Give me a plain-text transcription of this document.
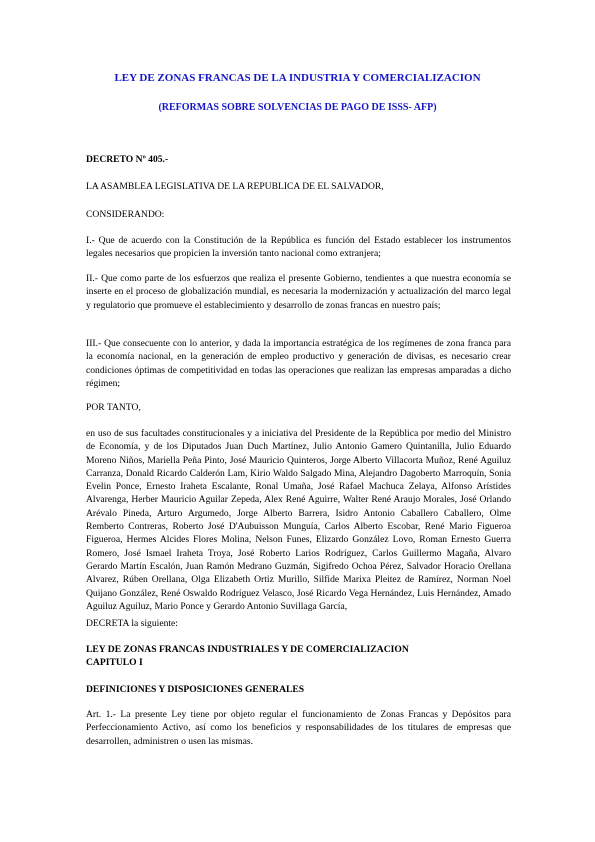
LEY DE ZONAS FRANCAS DE LA INDUSTRIA Y COMERCIALIZACION
(REFORMAS SOBRE SOLVENCIAS DE PAGO DE ISSS- AFP)

DECRETO Nº 405.-

LA ASAMBLEA LEGISLATIVA DE LA REPUBLICA DE EL SALVADOR,

CONSIDERANDO:

I.- Que de acuerdo con la Constitución de la República es función del Estado establecer los instrumentos legales necesarios que propicien la inversión tanto nacional como extranjera;

II.- Que como parte de los esfuerzos que realiza el presente Gobierno, tendientes a que nuestra economía se inserte en el proceso de globalización mundial, es necesaria la modernización y actualización del marco legal y regulatorio que promueve el establecimiento y desarrollo de zonas francas en nuestro país;

III.- Que consecuente con lo anterior, y dada la importancia estratégica de los regímenes de zona franca para la economía nacional, en la generación de empleo productivo y generación de divisas, es necesario crear condiciones óptimas de competitividad en todas las operaciones que realizan las empresas amparadas a dicho régimen;

POR TANTO,

en uso de sus facultades constitucionales y a iniciativa del Presidente de la República por medio del Ministro de Economía, y de los Diputados Juan Duch Martínez, Julio Antonio Gamero Quintanilla, Julio Eduardo Moreno Niños, Mariella Peña Pinto, José Mauricio Quinteros, Jorge Alberto Villacorta Muñoz, René Aguiluz Carranza, Donald Ricardo Calderón Lam, Kirio Waldo Salgado Mina, Alejandro Dagoberto Marroquín, Sonia Evelin Ponce, Ernesto Iraheta Escalante, Ronal Umaña, José Rafael Machuca Zelaya, Alfonso Arístides Alvarenga, Herber Mauricio Aguilar Zepeda, Alex René Aguirre, Walter René Araujo Morales, José Orlando Arévalo Pineda, Arturo Argumedo, Jorge Alberto Barrera, Isidro Antonio Caballero Caballero, Olme Remberto Contreras, Roberto José D'Aubuisson Munguía, Carlos Alberto Escobar, René Mario Figueroa Figueroa, Hermes Alcides Flores Molina, Nelson Funes, Elizardo González Lovo, Roman Ernesto Guerra Romero, José Ismael Iraheta Troya, José Roberto Larios Rodríguez, Carlos Guillermo Magaña, Alvaro Gerardo Martín Escalón, Juan Ramón Medrano Guzmán, Sigifredo Ochoa Pérez, Salvador Horacio Orellana Alvarez, Rúben Orellana, Olga Elizabeth Ortiz Murillo, Silfide Marixa Pleitez de Ramírez, Norman Noel Quijano González, René Oswaldo Rodríguez Velasco, José Ricardo Vega Hernández, Luis Hernández, Amado Aguiluz Aguiluz, Mario Ponce y Gerardo Antonio Suvillaga García,

DECRETA la siguiente:

LEY DE ZONAS FRANCAS INDUSTRIALES Y DE COMERCIALIZACION

CAPITULO I

DEFINICIONES Y DISPOSICIONES GENERALES

Art. 1.- La presente Ley tiene por objeto regular el funcionamiento de Zonas Francas y Depósitos para Perfeccionamiento Activo, así como los beneficios y responsabilidades de los titulares de empresas que desarrollen, administren o usen las mismas.
